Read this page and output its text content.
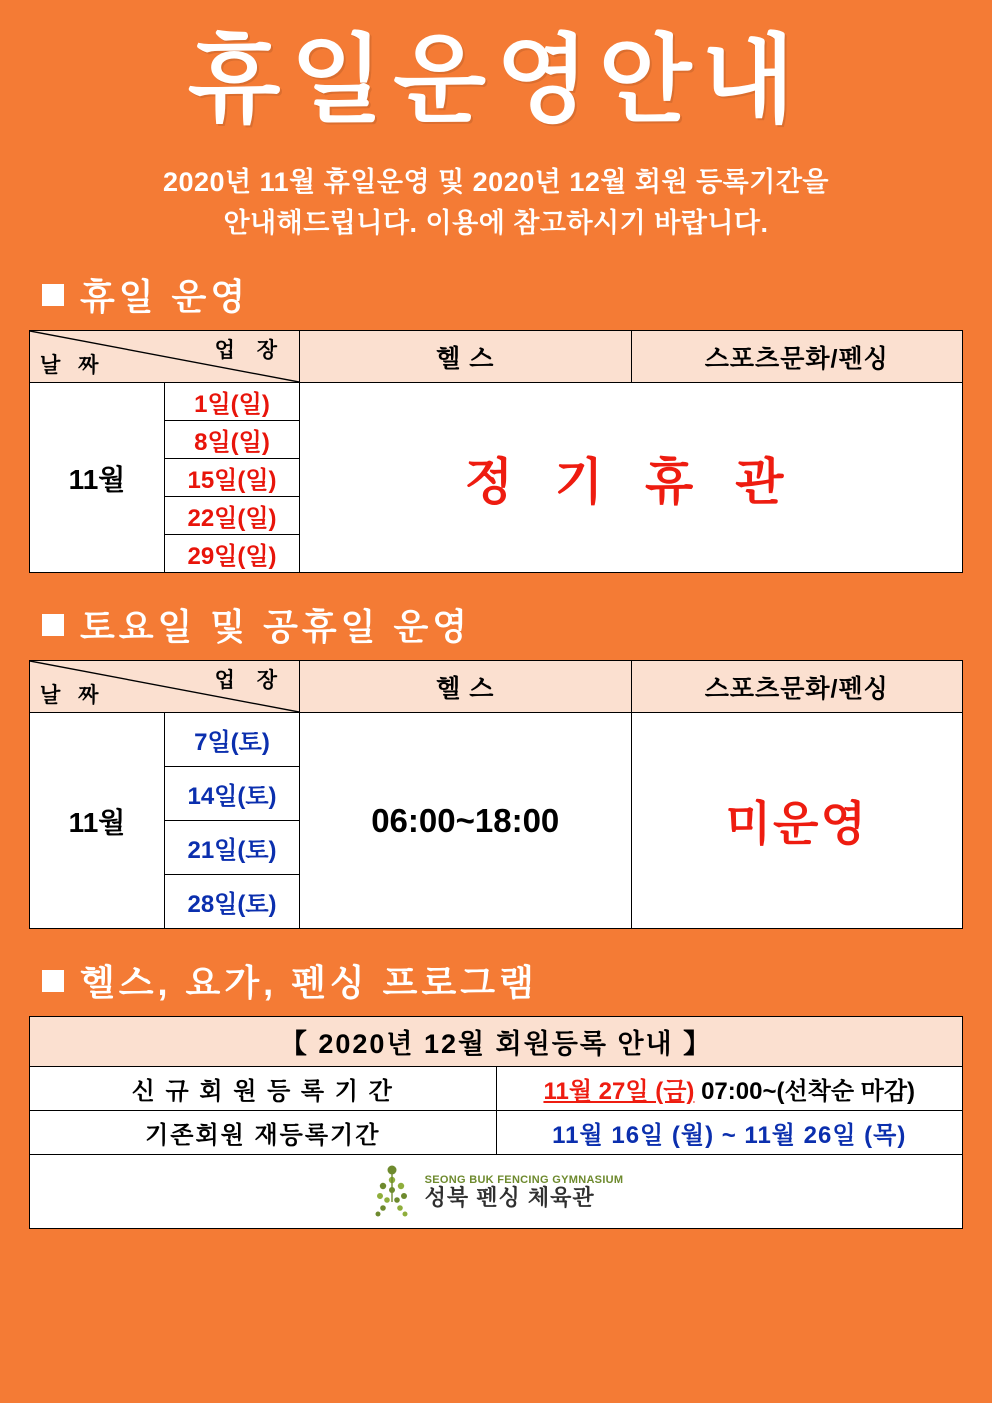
휴일운영안내
2020년 11월 휴일운영 및 2020년 12월 회원 등록기간을
안내해드립니다. 이용에 참고하시기 바랍니다.
휴일 운영
업 장
날 짜		헬 스	스포츠문화/펜싱
11월	1일(일)	정 기 휴 관	
	8일(일)		
	15일(일)		
	22일(일)		
	29일(일)		
토요일 및 공휴일 운영
업 장
날 짜		헬 스	스포츠문화/펜싱
11월	7일(토)	06:00~18:00	미운영
	14일(토)		
	21일(토)		
	28일(토)		
헬스, 요가, 펜싱 프로그램
【 2020년 12월 회원등록 안내 】	
신 규 회 원 등 록 기 간	11월 27일 (금) 07:00~(선착순 마감)
기존회원 재등록기간	11월 16일 (월) ~ 11월 26일 (목)

SEONG BUK FENCING GYMNASIUM
성북 펜싱 체육관	
